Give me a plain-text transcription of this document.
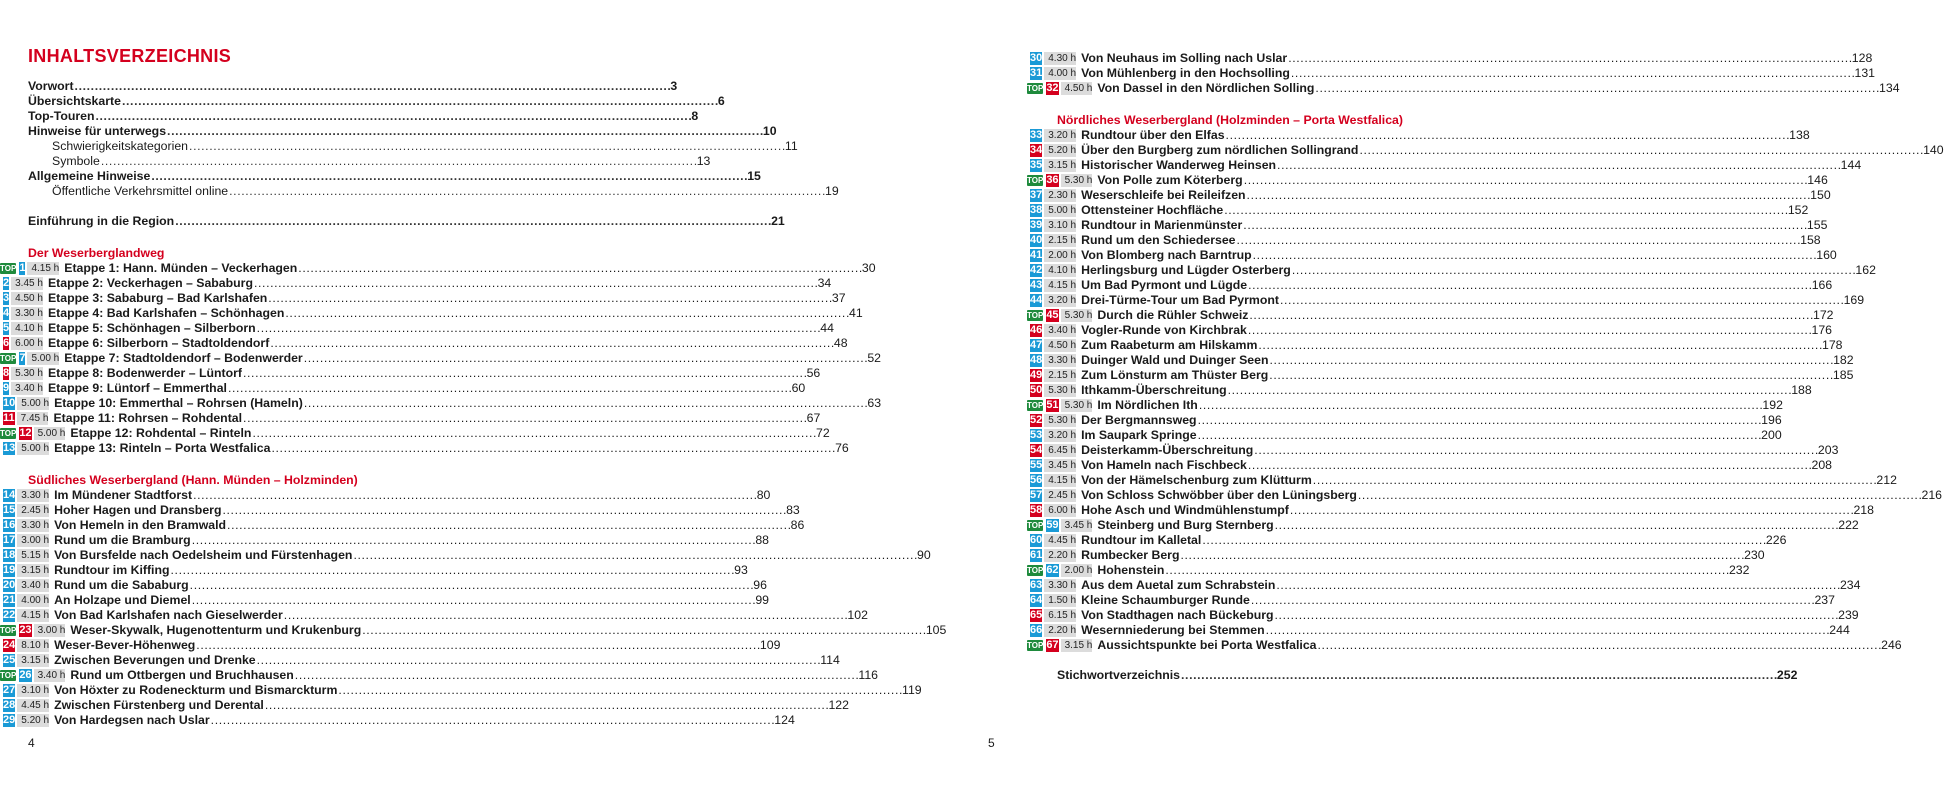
INHALTSVERZEICHNIS
Vorwort . . .	3
Übersichtskarte . . .	6
Top-Touren . . .	8
Hinweise für unterwegs . . .	10
Schwierigkeitskategorien . . .	11
Symbole . . .	13
Allgemeine Hinweise . . .	15
Öffentliche Verkehrsmittel online . . .	19
Einführung in die Region . . .	21
Der Weserberglandweg
TOP 1 4.15 h Etappe 1: Hann. Münden – Veckerhagen . . .	30
2 3.45 h Etappe 2: Veckerhagen – Sababurg . . .	34
3 4.50 h Etappe 3: Sababurg – Bad Karlshafen . . .	37
4 3.30 h Etappe 4: Bad Karlshafen – Schönhagen . . .	41
5 4.10 h Etappe 5: Schönhagen – Silberborn . . .	44
6 6.00 h Etappe 6: Silberborn – Stadtoldendorf . . .	48
TOP 7 5.00 h Etappe 7: Stadtoldendorf – Bodenwerder . . .	52
8 5.30 h Etappe 8: Bodenwerder – Lüntorf . . .	56
9 3.40 h Etappe 9: Lüntorf – Emmerthal . . .	60
10 5.00 h Etappe 10: Emmerthal – Rohrsen (Hameln) . . .	63
11 7.45 h Etappe 11: Rohrsen – Rohdental . . .	67
TOP 12 5.00 h Etappe 12: Rohdental – Rinteln . . .	72
13 5.00 h Etappe 13: Rinteln – Porta Westfalica . . .	76
Südliches Weserbergland (Hann. Münden – Holzminden)
14 3.30 h Im Mündener Stadtforst . . .	80
15 2.45 h Hoher Hagen und Dransberg . . .	83
16 3.30 h Von Hemeln in den Bramwald . . .	86
17 3.00 h Rund um die Bramburg . . .	88
18 5.15 h Von Bursfelde nach Oedelsheim und Fürstenhagen . . .	90
19 3.15 h Rundtour im Kiffing . . .	93
20 3.40 h Rund um die Sababurg . . .	96
21 4.00 h An Holzape und Diemel . . .	99
22 4.15 h Von Bad Karlshafen nach Gieselwerder . . .	102
TOP 23 3.00 h Weser-Skywalk, Hugenottenturm und Krukenburg . . .	105
24 8.10 h Weser-Bever-Höhenweg . . .	109
25 3.15 h Zwischen Beverungen und Drenke . . .	114
TOP 26 3.40 h Rund um Ottbergen und Bruchhausen . . .	116
27 3.10 h Von Höxter zu Rodeneckturm und Bismarckturm . . .	119
28 4.45 h Zwischen Fürstenberg und Derental . . .	122
29 5.20 h Von Hardegsen nach Uslar . . .	124
4
30 4.30 h Von Neuhaus im Solling nach Uslar . . .	128
31 4.00 h Von Mühlenberg in den Hochsolling . . .	131
TOP 32 4.50 h Von Dassel in den Nördlichen Solling . . .	134
Nördliches Weserbergland (Holzminden – Porta Westfalica)
33 3.20 h Rundtour über den Elfas . . .	138
34 5.20 h Über den Burgberg zum nördlichen Sollingrand . . .	140
35 3.15 h Historischer Wanderweg Heinsen . . .	144
TOP 36 5.30 h Von Polle zum Köterberg . . .	146
37 2.30 h Weserschleife bei Reileifzen . . .	150
38 5.00 h Ottensteiner Hochfläche . . .	152
39 3.10 h Rundtour in Marienmünster . . .	155
40 2.15 h Rund um den Schiedersee . . .	158
41 2.00 h Von Blomberg nach Barntrup . . .	160
42 4.10 h Herlingsburg und Lügder Osterberg . . .	162
43 4.15 h Um Bad Pyrmont und Lügde . . .	166
44 3.20 h Drei-Türme-Tour um Bad Pyrmont . . .	169
TOP 45 5.30 h Durch die Rühler Schweiz . . .	172
46 3.40 h Vogler-Runde von Kirchbrak . . .	176
47 4.50 h Zum Raabeturm am Hilskamm . . .	178
48 3.30 h Duinger Wald und Duinger Seen . . .	182
49 2.15 h Zum Lönsturm am Thüster Berg . . .	185
50 5.30 h Ithkamm-Überschreitung . . .	188
TOP 51 5.30 h Im Nördlichen Ith . . .	192
52 5.30 h Der Bergmannsweg . . .	196
53 3.20 h Im Saupark Springe . . .	200
54 6.45 h Deisterkamm-Überschreitung . . .	203
55 3.45 h Von Hameln nach Fischbeck . . .	208
56 4.15 h Von der Hämelschenburg zum Klütturm . . .	212
57 2.45 h Von Schloss Schwöbber über den Lüningsberg . . .	216
58 6.00 h Hohe Asch und Windmühlenstumpf . . .	218
TOP 59 3.45 h Steinberg und Burg Sternberg . . .	222
60 4.45 h Rundtour im Kalletal . . .	226
61 2.20 h Rumbecker Berg . . .	230
TOP 62 2.00 h Hohenstein . . .	232
63 3.30 h Aus dem Auetal zum Schrabstein . . .	234
64 1.50 h Kleine Schaumburger Runde . . .	237
65 6.15 h Von Stadthagen nach Bückeburg . . .	239
66 2.20 h Wesernniederung bei Stemmen . . .	244
TOP 67 3.15 h Aussichtspunkte bei Porta Westfalica . . .	246
Stichwortverzeichnis . . .	252
5
